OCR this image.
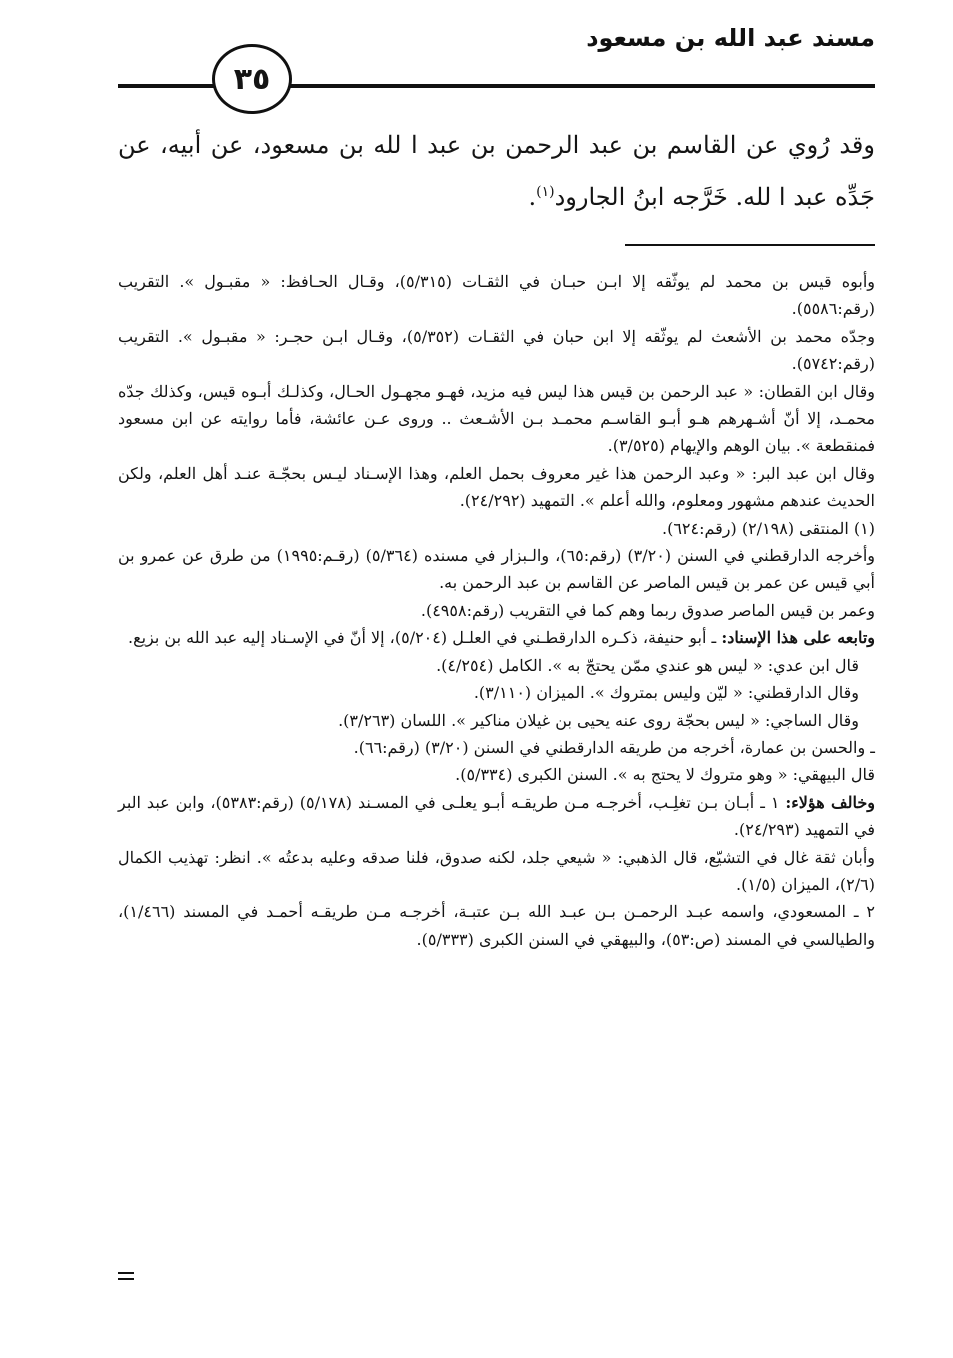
مسند عبد الله بن مسعود
٣٥

وقد رُوي عن القاسم بن عبد الرحمن بن عبد ا لله بن مسعود، عن أبيه، عن جَدِّه عبد ا لله. خَرَّجه ابنُ الجارود$^{(١)}$.

وأبوه قيس بن محمد لم يوثّقه إلا ابـن حبـان في الثقـات (٥/٣١٥)، وقـال الحـافظ: « مقبـول ». التقريب (رقم:٥٥٨٦).

وجدّه محمد بن الأشعث لم يوثّقه إلا ابن حبان في الثقـات (٥/٣٥٢)، وقـال ابـن حجـر: « مقبـول ». التقريب (رقم:٥٧٤٢).

وقال ابن القطان: « عبد الرحمن بن قيس هذا ليس فيه مزيد، فهـو مجهـول الحـال، وكذلـك أبـوه قيس، وكذلك جدّه محمـد، إلا أنّ أشـهرهم هـو أبـو القاسـم محمـد بـن الأشـعث .. وروى عـن عائشة، فأما روايته عن ابن مسعود فمنقطعة ». بيان الوهم والإيهام (٣/٥٢٥).

وقال ابن عبد البر: « وعبد الرحمن هذا غير معروف بحمل العلم، وهذا الإسـناد ليـس بحجّـة عنـد أهل العلم، ولكن الحديث عندهم مشهور ومعلوم، والله أعلم ». التمهيد (٢٤/٢٩٢).

(١) المنتقى (٢/١٩٨) (رقم:٦٢٤).

وأخرجه الدارقطني في السنن (٣/٢٠) (رقم:٦٥)، والـبزار في مسنده (٥/٣٦٤) (رقـم:١٩٩٥) من طرق عن عمرو بن أبي قيس عن عمر بن قيس الماصر عن القاسم بن عبد الرحمن به.

وعمر بن قيس الماصر صدوق ربما وهم كما في التقريب (رقم:٤٩٥٨).

وتابعه على هذا الإسناد: ـ أبو حنيفة، ذكـره الدارقطـني في العلـل (٥/٢٠٤)، إلا أنّ في الإسـناد إليه عبد الله بن بزيع.

قال ابن عدي: « ليس هو عندي ممّن يحتجّ به ». الكامل (٤/٢٥٤).

وقال الدارقطني: « ليّن وليس بمتروك ». الميزان (٣/١١٠).

وقال الساجي: « ليس بحجّة روى عنه يحيى بن غيلان مناكير ». اللسان (٣/٢٦٣).

ـ والحسن بن عمارة، أخرجه من طريقه الدارقطني في السنن (٣/٢٠) (رقم:٦٦).

قال البيهقي: « وهو متروك لا يحتج به ». السنن الكبرى (٥/٣٣٤).

وخالف هؤلاء: ١ ـ أبـان بـن تغلِـب، أخرجـه مـن طريقـه أبـو يعلـى في المسـند (٥/١٧٨) (رقم:٥٣٨٣)، وابن عبد البر في التمهيد (٢٤/٢٩٣).

وأبان ثقة غال في التشيّع، قال الذهبي: « شيعي جلد، لكنه صدوق، فلنا صدقه وعليه بدعتُه ». انظر: تهذيب الكمال (٢/٦)، الميزان (١/٥).

٢ ـ المسعودي، واسمه عبـد الرحمـن بـن عبـد الله بـن عتبـة، أخرجـه مـن طريقـه أحمـد في المسند (١/٤٦٦)، والطيالسي في المسند (ص:٥٣)، والبيهقي في السنن الكبرى (٥/٣٣٣).
